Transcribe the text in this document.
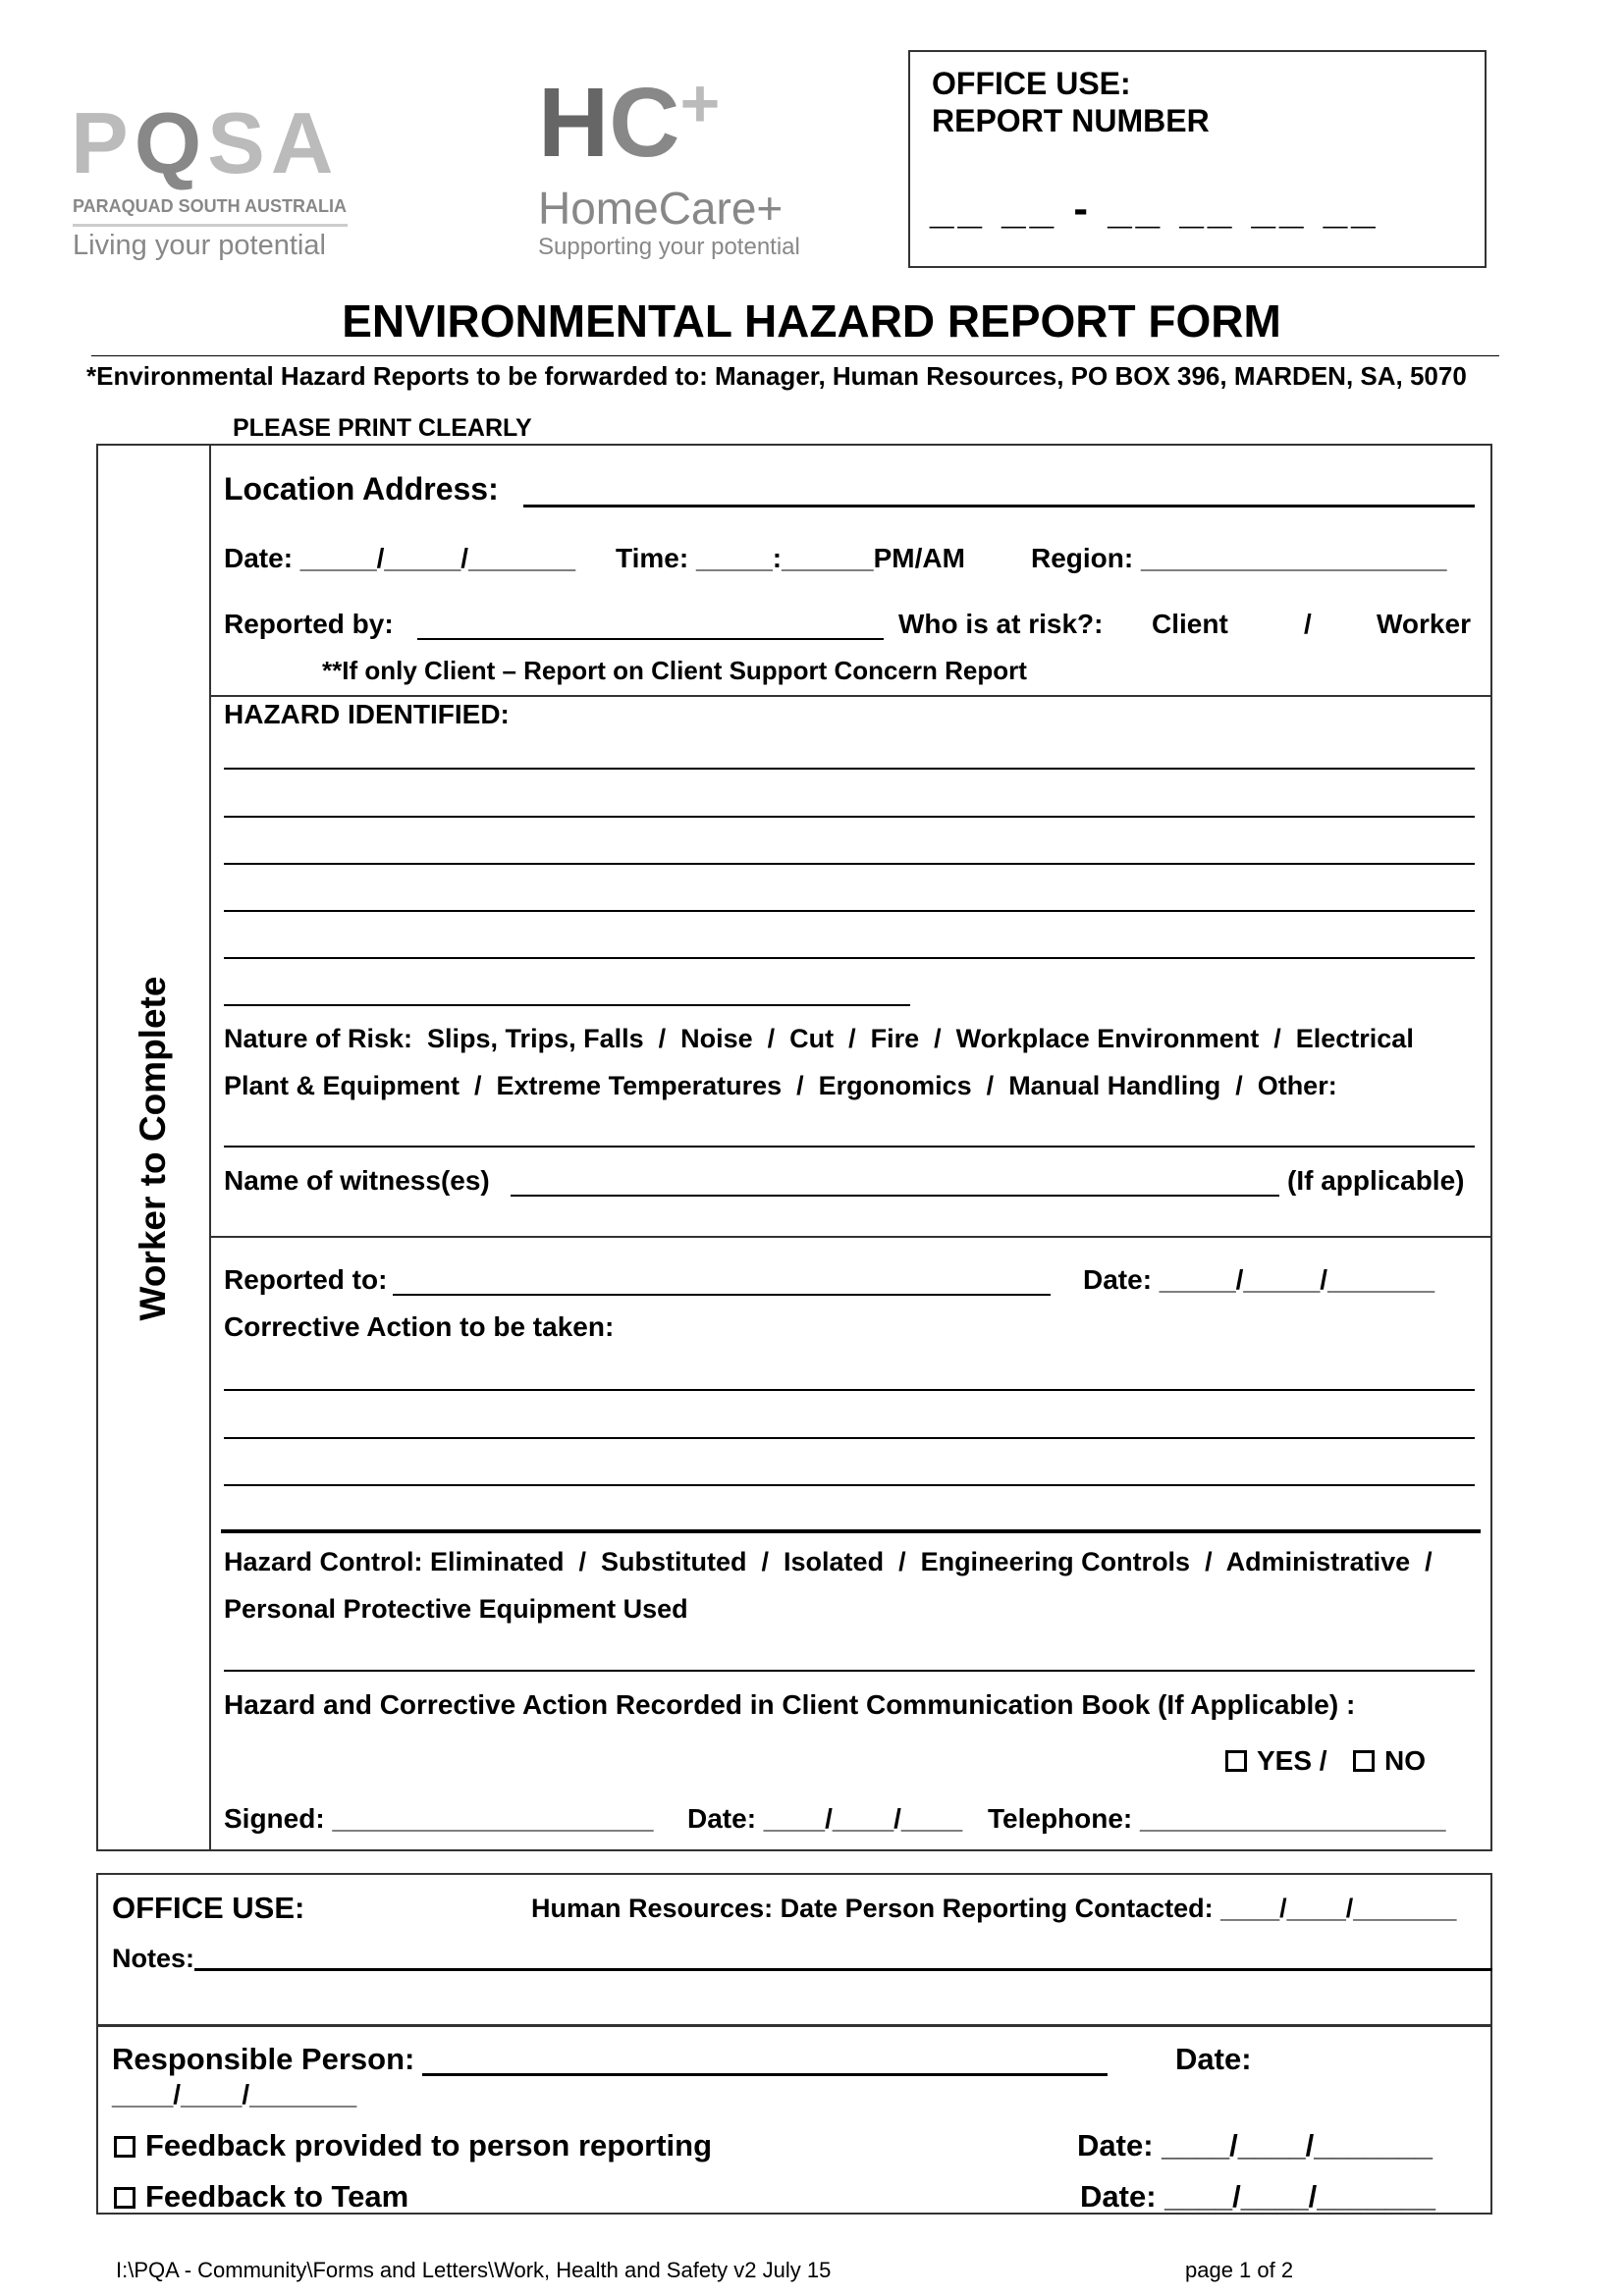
PQSA
PARAQUAD SOUTH AUSTRALIA
Living your potential
HC+
HomeCare+
Supporting your potential
OFFICE USE:
REPORT NUMBER
__ __ - __ __ __ __
ENVIRONMENTAL HAZARD REPORT FORM
*Environmental Hazard Reports to be forwarded to: Manager, Human Resources, PO BOX 396, MARDEN, SA, 5070
PLEASE PRINT CLEARLY
Worker to Complete
Location Address:
Date: _____/_____/_______ Time: _____:______PM/AM Region: ____________________
Reported by:	Who is at risk?: Client	/ Worker
**If only Client – Report on Client Support Concern Report
HAZARD IDENTIFIED:
Nature of Risk:  Slips, Trips, Falls  /  Noise  /  Cut  /  Fire  /  Workplace Environment  /  Electrical
Plant & Equipment  /  Extreme Temperatures  /  Ergonomics  /  Manual Handling  /  Other:
Name of witness(es)	(If applicable)
Reported to:	Date: _____/_____/_______
Corrective Action to be taken:
Hazard Control: Eliminated  /  Substituted  /  Isolated  /  Engineering Controls  /  Administrative  /
Personal Protective Equipment Used
Hazard and Corrective Action Recorded in Client Communication Book (If Applicable) :
YES /	NO
Signed: _____________________ Date: ____/____/____ Telephone: ____________________
OFFICE USE:	Human Resources: Date Person Reporting Contacted: ____/____/_______
Notes:
Responsible Person:	Date:
____/____/_______
Feedback provided to person reporting	Date: ____/____/_______
Feedback to Team	Date: ____/____/_______
I:\PQA - Community\Forms and Letters\Work, Health and Safety v2 July 15	page 1 of 2
